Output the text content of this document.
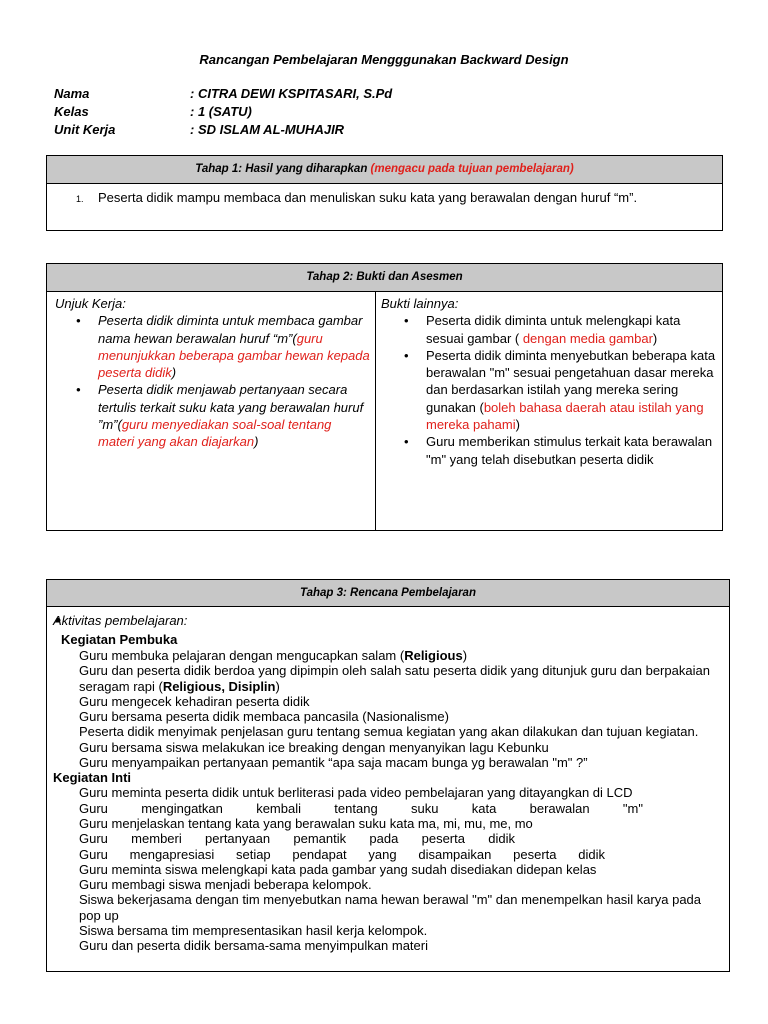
Rancangan Pembelajaran Mengggunakan Backward Design
Nama	: CITRA DEWI KSPITASARI, S.Pd
Kelas	: 1 (SATU)
Unit Kerja	: SD ISLAM AL-MUHAJIR
Tahap 1: Hasil yang diharapkan (mengacu pada tujuan pembelajaran)
1. Peserta didik mampu membaca dan menuliskan suku kata yang berawalan dengan huruf “m”.
Tahap 2: Bukti dan Asesmen
Unjuk Kerja:
• Peserta didik diminta untuk membaca gambar nama hewan berawalan huruf “m”(guru menunjukkan beberapa gambar hewan kepada peserta didik)
• Peserta didik menjawab pertanyaan secara tertulis terkait suku kata yang berawalan huruf ”m”(guru menyediakan soal-soal tentang materi yang akan diajarkan)
Bukti lainnya:
• Peserta didik diminta untuk melengkapi kata sesuai gambar ( dengan media gambar)
• Peserta didik diminta menyebutkan beberapa kata berawalan "m" sesuai pengetahuan dasar mereka dan berdasarkan istilah yang mereka sering gunakan (boleh bahasa daerah atau istilah yang mereka pahami)
• Guru memberikan stimulus terkait kata berawalan "m" yang telah disebutkan peserta didik
Tahap 3: Rencana Pembelajaran
Aktivitas pembelajaran:
Kegiatan Pembuka
● Guru membuka pelajaran dengan mengucapkan salam (Religious)
● Guru dan peserta didik berdoa yang dipimpin oleh salah satu peserta didik yang ditunjuk guru dan berpakaian seragam rapi (Religious, Disiplin)
● Guru mengecek kehadiran peserta didik
● Guru bersama peserta didik membaca pancasila (Nasionalisme)
● Peserta didik menyimak penjelasan guru tentang semua kegiatan yang akan dilakukan dan tujuan kegiatan.
● Guru bersama siswa melakukan ice breaking dengan menyanyikan lagu Kebunku
● Guru menyampaikan pertanyaan pemantik “apa saja macam bunga yg berawalan "m" ?”
Kegiatan Inti
● Guru meminta peserta didik untuk berliterasi pada video pembelajaran yang ditayangkan di LCD
● Guru mengingatkan kembali tentang suku kata berawalan "m"
● Guru menjelaskan tentang kata yang berawalan suku kata ma, mi, mu, me, mo
● Guru memberi pertanyaan pemantik pada peserta didik
● Guru mengapresiasi setiap pendapat yang disampaikan peserta didik
● Guru meminta siswa melengkapi kata pada gambar yang sudah disediakan didepan kelas
● Guru membagi siswa menjadi beberapa kelompok.
● Siswa bekerjasama dengan tim menyebutkan nama hewan berawal "m" dan menempelkan hasil karya pada pop up
● Siswa bersama tim mempresentasikan hasil kerja kelompok.
● Guru dan peserta didik bersama-sama menyimpulkan materi
